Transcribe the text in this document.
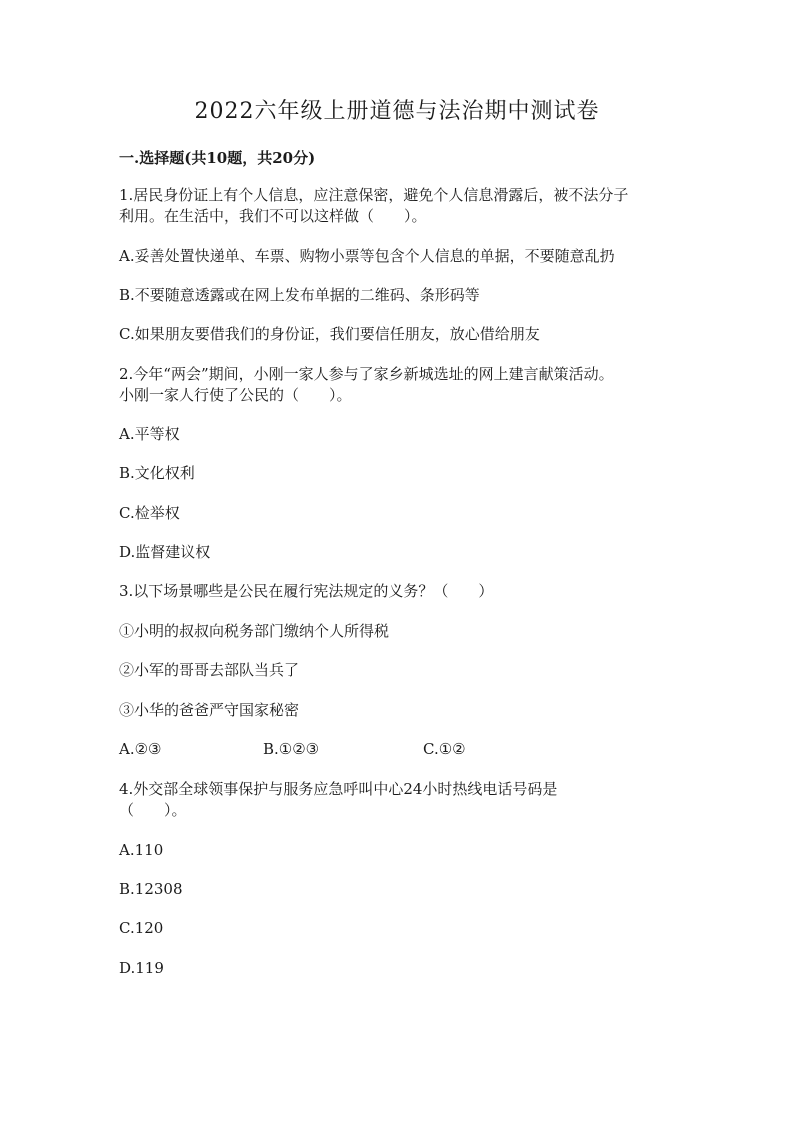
2022六年级上册道德与法治期中测试卷
一.选择题(共10题，共20分)
1.居民身份证上有个人信息，应注意保密，避免个人信息滑露后，被不法分子
利用。在生活中，我们不可以这样做（　　）。
A.妥善处置快递单、车票、购物小票等包含个人信息的单据，不要随意乱扔
B.不要随意透露或在网上发布单据的二维码、条形码等
C.如果朋友要借我们的身份证，我们要信任朋友，放心借给朋友
2.今年“两会”期间，小刚一家人参与了家乡新城选址的网上建言献策活动。
小刚一家人行使了公民的（　　）。
A.平等权
B.文化权利
C.检举权
D.监督建议权
3.以下场景哪些是公民在履行宪法规定的义务？（　　）
①小明的叔叔向税务部门缴纳个人所得税
②小军的哥哥去部队当兵了
③小华的爸爸严守国家秘密
A.②③	B.①②③	C.①②
4.外交部全球领事保护与服务应急呼叫中心24小时热线电话号码是
（　　）。
A.110
B.12308
C.120
D.119
